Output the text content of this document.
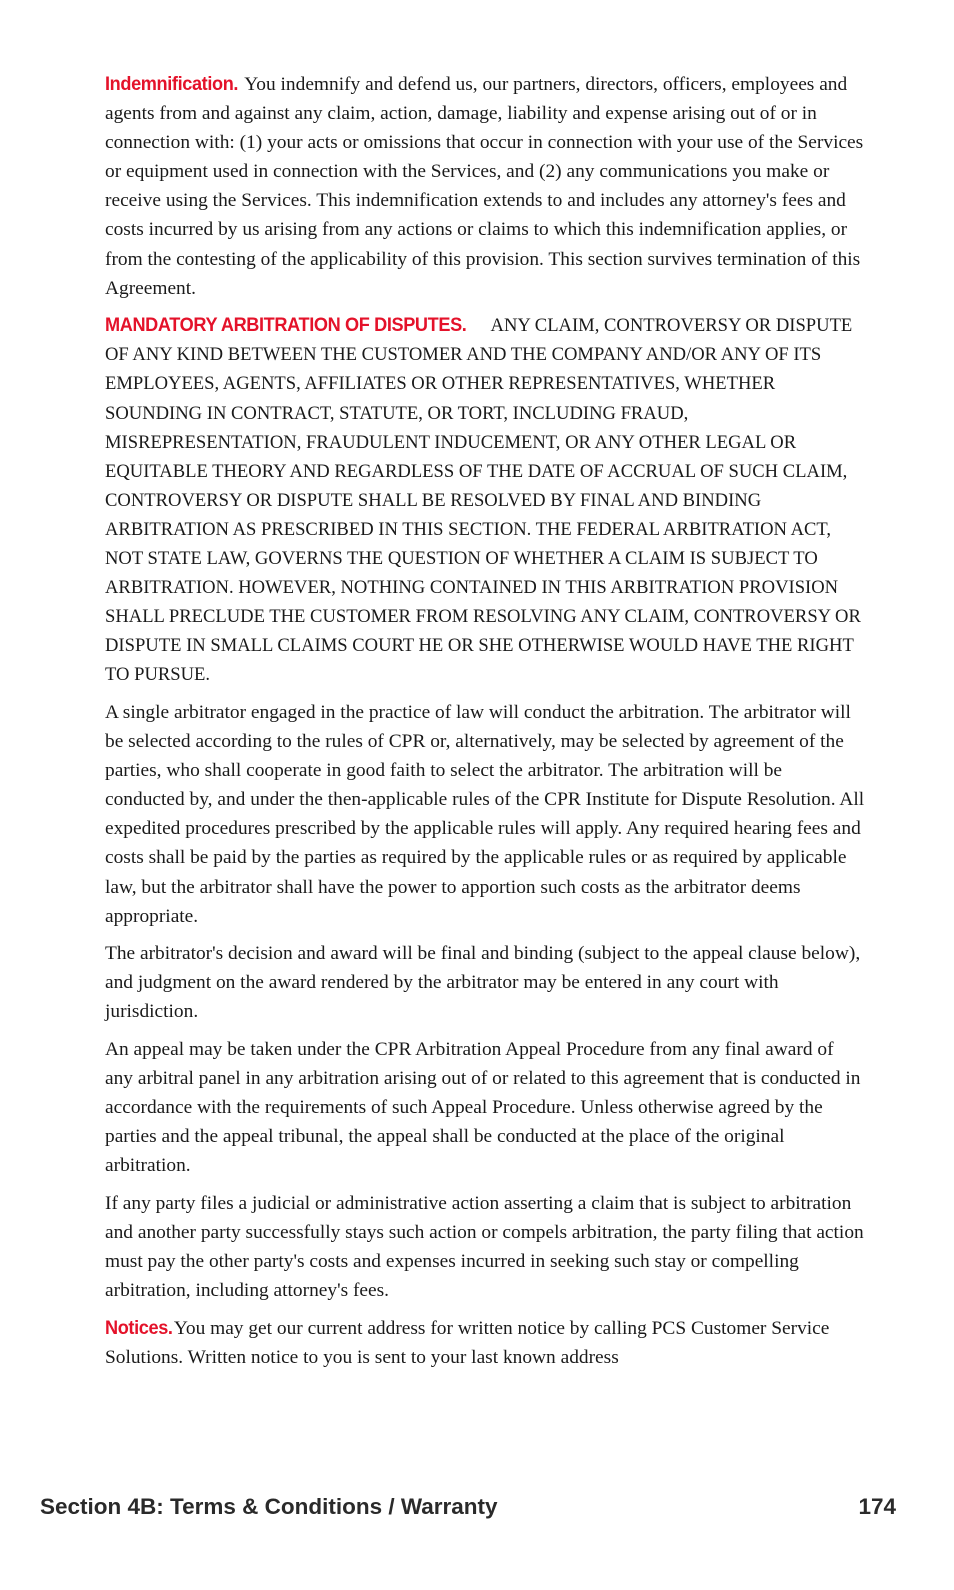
Indemnification. You indemnify and defend us, our partners, directors, officers, employees and agents from and against any claim, action, damage, liability and expense arising out of or in connection with: (1) your acts or omissions that occur in connection with your use of the Services or equipment used in connection with the Services, and (2) any communications you make or receive using the Services. This indemnification extends to and includes any attorney's fees and costs incurred by us arising from any actions or claims to which this indemnification applies, or from the contesting of the applicability of this provision. This section survives termination of this Agreement.

MANDATORY ARBITRATION OF DISPUTES. ANY CLAIM, CONTROVERSY OR DISPUTE OF ANY KIND BETWEEN THE CUSTOMER AND THE COMPANY AND/OR ANY OF ITS EMPLOYEES, AGENTS, AFFILIATES OR OTHER REPRESENTATIVES, WHETHER SOUNDING IN CONTRACT, STATUTE, OR TORT, INCLUDING FRAUD, MISREPRESENTATION, FRAUDULENT INDUCEMENT, OR ANY OTHER LEGAL OR EQUITABLE THEORY AND REGARDLESS OF THE DATE OF ACCRUAL OF SUCH CLAIM, CONTROVERSY OR DISPUTE SHALL BE RESOLVED BY FINAL AND BINDING ARBITRATION AS PRESCRIBED IN THIS SECTION. THE FEDERAL ARBITRATION ACT, NOT STATE LAW, GOVERNS THE QUESTION OF WHETHER A CLAIM IS SUBJECT TO ARBITRATION. HOWEVER, NOTHING CONTAINED IN THIS ARBITRATION PROVISION SHALL PRECLUDE THE CUSTOMER FROM RESOLVING ANY CLAIM, CONTROVERSY OR DISPUTE IN SMALL CLAIMS COURT HE OR SHE OTHERWISE WOULD HAVE THE RIGHT TO PURSUE.

A single arbitrator engaged in the practice of law will conduct the arbitration. The arbitrator will be selected according to the rules of CPR or, alternatively, may be selected by agreement of the parties, who shall cooperate in good faith to select the arbitrator. The arbitration will be conducted by, and under the then-applicable rules of the CPR Institute for Dispute Resolution. All expedited procedures prescribed by the applicable rules will apply. Any required hearing fees and costs shall be paid by the parties as required by the applicable rules or as required by applicable law, but the arbitrator shall have the power to apportion such costs as the arbitrator deems appropriate.

The arbitrator's decision and award will be final and binding (subject to the appeal clause below), and judgment on the award rendered by the arbitrator may be entered in any court with jurisdiction.

An appeal may be taken under the CPR Arbitration Appeal Procedure from any final award of any arbitral panel in any arbitration arising out of or related to this agreement that is conducted in accordance with the requirements of such Appeal Procedure. Unless otherwise agreed by the parties and the appeal tribunal, the appeal shall be conducted at the place of the original arbitration.

If any party files a judicial or administrative action asserting a claim that is subject to arbitration and another party successfully stays such action or compels arbitration, the party filing that action must pay the other party's costs and expenses incurred in seeking such stay or compelling arbitration, including attorney's fees.

Notices. You may get our current address for written notice by calling PCS Customer Service Solutions. Written notice to you is sent to your last known address

Section 4B: Terms & Conditions / Warranty	174
